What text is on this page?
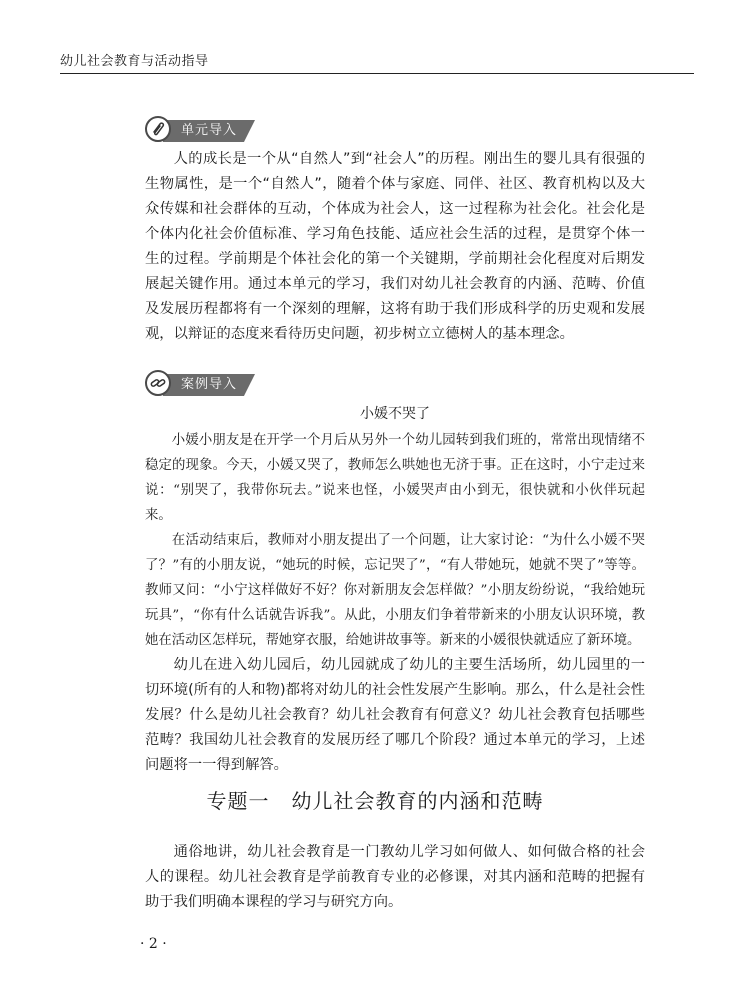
幼儿社会教育与活动指导
单元导入

人的成长是一个从“自然人”到“社会人”的历程。刚出生的婴儿具有很强的生物属性，是一个“自然人”，随着个体与家庭、同伴、社区、教育机构以及大众传媒和社会群体的互动，个体成为社会人，这一过程称为社会化。社会化是个体内化社会价值标准、学习角色技能、适应社会生活的过程，是贯穿个体一生的过程。学前期是个体社会化的第一个关键期，学前期社会化程度对后期发展起关键作用。通过本单元的学习，我们对幼儿社会教育的内涵、范畴、价值及发展历程都将有一个深刻的理解，这将有助于我们形成科学的历史观和发展观，以辩证的态度来看待历史问题，初步树立立德树人的基本理念。

案例导入
小媛不哭了

小媛小朋友是在开学一个月后从另外一个幼儿园转到我们班的，常常出现情绪不稳定的现象。今天，小媛又哭了，教师怎么哄她也无济于事。正在这时，小宁走过来说：“别哭了，我带你玩去。”说来也怪，小媛哭声由小到无，很快就和小伙伴玩起来。

在活动结束后，教师对小朋友提出了一个问题，让大家讨论：“为什么小媛不哭了？”有的小朋友说，“她玩的时候，忘记哭了”，“有人带她玩，她就不哭了”等等。教师又问：“小宁这样做好不好？你对新朋友会怎样做？”小朋友纷纷说，“我给她玩玩具”，“你有什么话就告诉我”。从此，小朋友们争着带新来的小朋友认识环境，教她在活动区怎样玩，帮她穿衣服，给她讲故事等。新来的小媛很快就适应了新环境。

幼儿在进入幼儿园后，幼儿园就成了幼儿的主要生活场所，幼儿园里的一切环境(所有的人和物)都将对幼儿的社会性发展产生影响。那么，什么是社会性发展？什么是幼儿社会教育？幼儿社会教育有何意义？幼儿社会教育包括哪些范畴？我国幼儿社会教育的发展历经了哪几个阶段？通过本单元的学习，上述问题将一一得到解答。

专题一 幼儿社会教育的内涵和范畴

通俗地讲，幼儿社会教育是一门教幼儿学习如何做人、如何做合格的社会人的课程。幼儿社会教育是学前教育专业的必修课，对其内涵和范畴的把握有助于我们明确本课程的学习与研究方向。

· 2 ·
